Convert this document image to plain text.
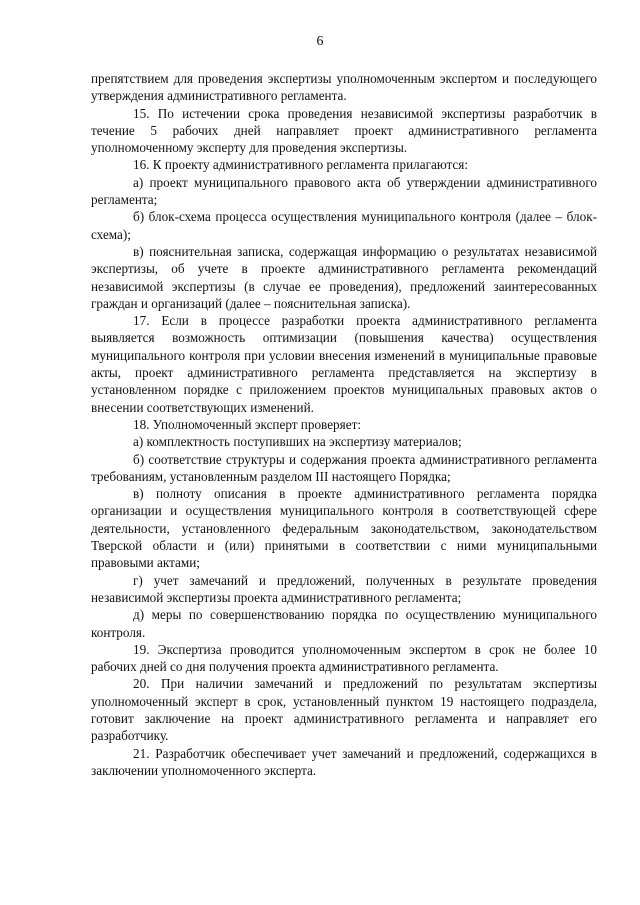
6

препятствием для проведения экспертизы уполномоченным экспертом и последующего утверждения административного регламента.

15. По истечении срока проведения независимой экспертизы разработчик в течение 5 рабочих дней направляет проект административного регламента уполномоченному эксперту для проведения экспертизы.

16. К проекту административного регламента прилагаются:

а) проект муниципального правового акта об утверждении административного регламента;

б) блок-схема процесса осуществления муниципального контроля (далее – блок-схема);

в) пояснительная записка, содержащая информацию о результатах независимой экспертизы, об учете в проекте административного регламента рекомендаций независимой экспертизы (в случае ее проведения), предложений заинтересованных граждан и организаций (далее – пояснительная записка).

17. Если в процессе разработки проекта административного регламента выявляется возможность оптимизации (повышения качества) осуществления муниципального контроля при условии внесения изменений в муниципальные правовые акты, проект административного регламента представляется на экспертизу в установленном порядке с приложением проектов муниципальных правовых актов о внесении соответствующих изменений.

18. Уполномоченный эксперт проверяет:

а) комплектность поступивших на экспертизу материалов;

б) соответствие структуры и содержания проекта административного регламента требованиям, установленным разделом III настоящего Порядка;

в) полноту описания в проекте административного регламента порядка организации и осуществления муниципального контроля в соответствующей сфере деятельности, установленного федеральным законодательством, законодательством Тверской области и (или) принятыми в соответствии с ними муниципальными правовыми актами;

г) учет замечаний и предложений, полученных в результате проведения независимой экспертизы проекта административного регламента;

д) меры по совершенствованию порядка по осуществлению муниципального контроля.

19. Экспертиза проводится уполномоченным экспертом в срок не более 10 рабочих дней со дня получения проекта административного регламента.

20. При наличии замечаний и предложений по результатам экспертизы уполномоченный эксперт в срок, установленный пунктом 19 настоящего подраздела, готовит заключение на проект административного регламента и направляет его разработчику.

21. Разработчик обеспечивает учет замечаний и предложений, содержащихся в заключении уполномоченного эксперта.
